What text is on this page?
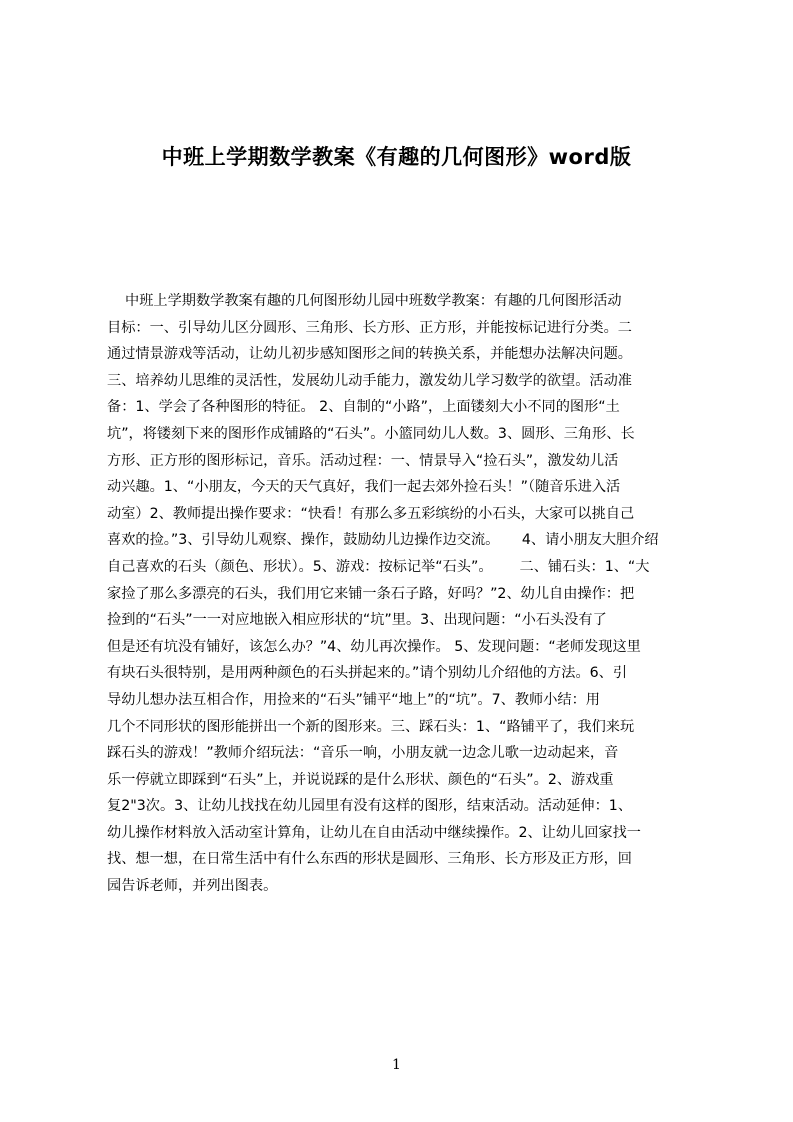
中班上学期数学教案《有趣的几何图形》word版
中班上学期数学教案有趣的几何图形幼儿园中班数学教案：有趣的几何图形活动
目标：一、引导幼儿区分圆形、三角形、长方形、正方形，并能按标记进行分类。二
通过情景游戏等活动，让幼儿初步感知图形之间的转换关系，并能想办法解决问题。
三、培养幼儿思维的灵活性，发展幼儿动手能力，激发幼儿学习数学的欲望。活动准
备：1、学会了各种图形的特征。 2、自制的“小路”，上面镂刻大小不同的图形“土
坑”，将镂刻下来的图形作成铺路的“石头”。小篮同幼儿人数。3、圆形、三角形、长
方形、正方形的图形标记，音乐。活动过程：一、情景导入“捡石头”，激发幼儿活
动兴趣。1、“小朋友，今天的天气真好，我们一起去郊外捡石头！”（随音乐进入活
动室）2、教师提出操作要求：“快看！有那么多五彩缤纷的小石头，大家可以挑自己
喜欢的捡。”3、引导幼儿观察、操作，鼓励幼儿边操作边交流。     4、请小朋友大胆介绍
自己喜欢的石头（颜色、形状）。5、游戏：按标记举“石头”。      二、铺石头：1、“大
家捡了那么多漂亮的石头，我们用它来铺一条石子路，好吗？”2、幼儿自由操作：把
捡到的“石头”一一对应地嵌入相应形状的“坑”里。3、出现问题：“小石头没有了
但是还有坑没有铺好，该怎么办？”4、幼儿再次操作。 5、发现问题：“老师发现这里
有块石头很特别，是用两种颜色的石头拼起来的。”请个别幼儿介绍他的方法。6、引
导幼儿想办法互相合作，用捡来的“石头”铺平“地上”的“坑”。7、教师小结：用
几个不同形状的图形能拼出一个新的图形来。三、踩石头：1、“路铺平了，我们来玩
踩石头的游戏！”教师介绍玩法：“音乐一响，小朋友就一边念儿歌一边动起来，音
乐一停就立即踩到“石头”上，并说说踩的是什么形状、颜色的“石头”。2、游戏重
复2"3次。3、让幼儿找找在幼儿园里有没有这样的图形，结束活动。活动延伸：1、
幼儿操作材料放入活动室计算角，让幼儿在自由活动中继续操作。2、让幼儿回家找一
找、想一想，在日常生活中有什么东西的形状是圆形、三角形、长方形及正方形，回
园告诉老师，并列出图表。
1
